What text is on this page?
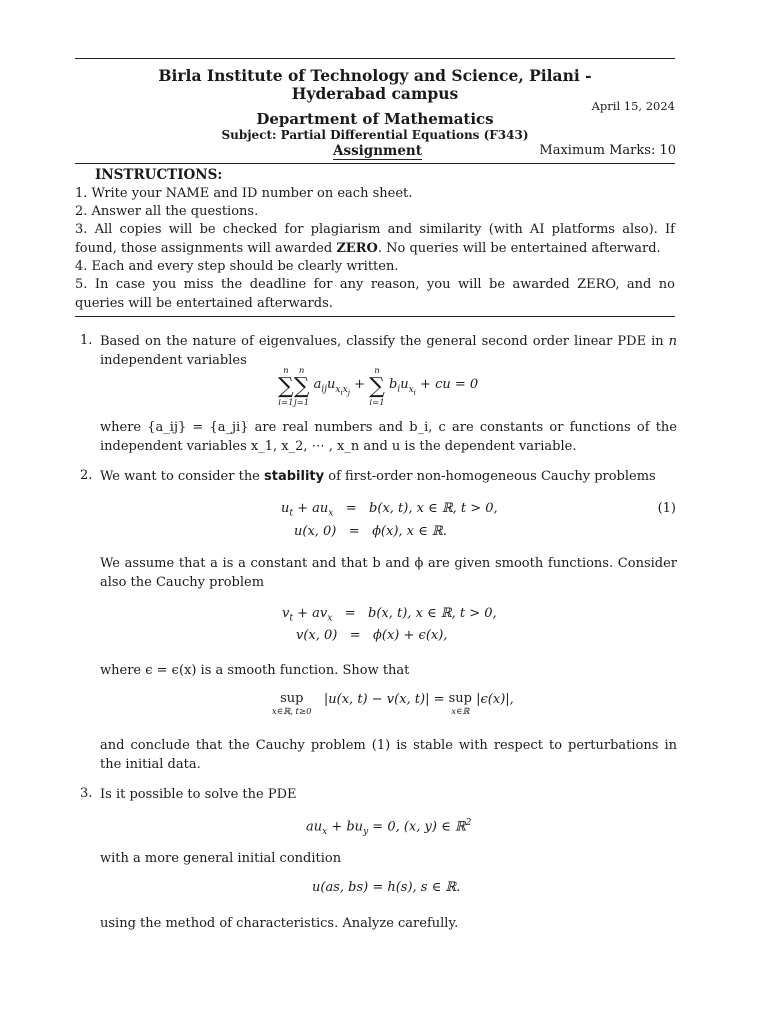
Birla Institute of Technology and Science, Pilani -
Hyderabad campus
April 15, 2024
Department of Mathematics
Subject: Partial Differential Equations (F343)
Assignment	Maximum Marks: 10
INSTRUCTIONS:
1. Write your NAME and ID number on each sheet.
2. Answer all the questions.
3. All copies will be checked for plagiarism and similarity (with AI platforms also). If found, those assignments will awarded ZERO. No queries will be entertained afterward.
4. Each and every step should be clearly written.
5. In case you miss the deadline for any reason, you will be awarded ZERO, and no queries will be entertained afterwards.
1. Based on the nature of eigenvalues, classify the general second order linear PDE in n independent variables
n
∑
i=1
n
∑
j=1
$a_{ij}u_{x_ix_j}$ +
n
∑
i=1
$b_iu_{x_i}$ + cu = 0
where {a_ij} = {a_ji} are real numbers and b_i, c are constants or functions of the independent variables x_1, x_2, ⋯ , x_n and u is the dependent variable.
2. We want to consider the stability of first-order non-homogeneous Cauchy problems
$u_t + au_x = b(x$, t), x ∈ ℝ, t > 0,
u(x, 0)   =   ϕ(x), x ∈ ℝ.
(1)
We assume that a is a constant and that b and ϕ are given smooth functions. Consider also the Cauchy problem
$v_t + av_x = b(x$, t), x ∈ ℝ, t > 0,
v(x, 0)   =   ϕ(x) + ϵ(x),
where ϵ = ϵ(x) is a smooth function. Show that
sup
x∈ℝ, t≥0
|u(x, t) − v(x, t)| = sup
x∈ℝ
|ϵ(x)|,
and conclude that the Cauchy problem (1) is stable with respect to perturbations in the initial data.
3. Is it possible to solve the PDE
$au_x + bu_y = 0$, (x, y) ∈ ℝ$^2$
with a more general initial condition
u(as, bs) = h(s), s ∈ ℝ.
using the method of characteristics. Analyze carefully.
